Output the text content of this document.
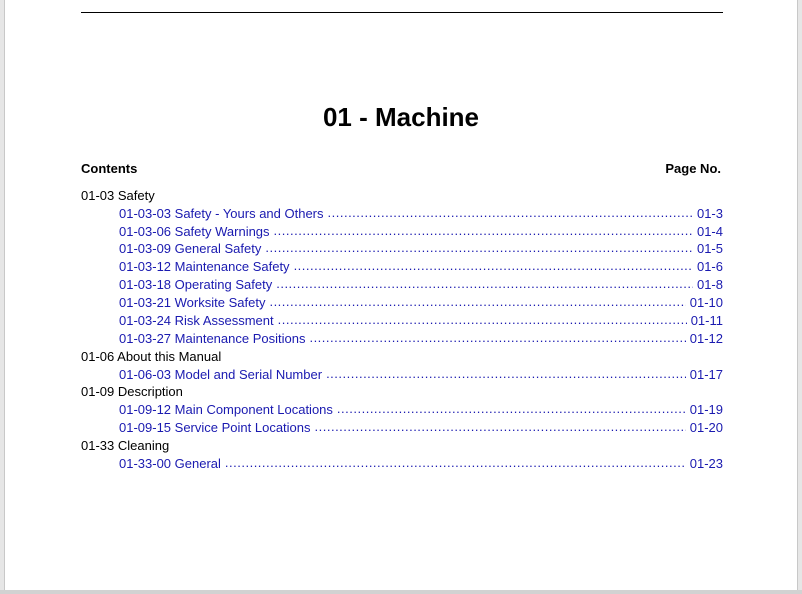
01 - Machine
Contents	Page No.
01-03 Safety
01-03-03 Safety - Yours and Others .....	01-3
01-03-06 Safety Warnings .....	01-4
01-03-09 General Safety .....	01-5
01-03-12 Maintenance Safety .....	01-6
01-03-18 Operating Safety .....	01-8
01-03-21 Worksite Safety .....	01-10
01-03-24 Risk Assessment .....	01-11
01-03-27 Maintenance Positions .....	01-12
01-06 About this Manual
01-06-03 Model and Serial Number .....	01-17
01-09 Description
01-09-12 Main Component Locations .....	01-19
01-09-15 Service Point Locations .....	01-20
01-33 Cleaning
01-33-00 General .....	01-23
